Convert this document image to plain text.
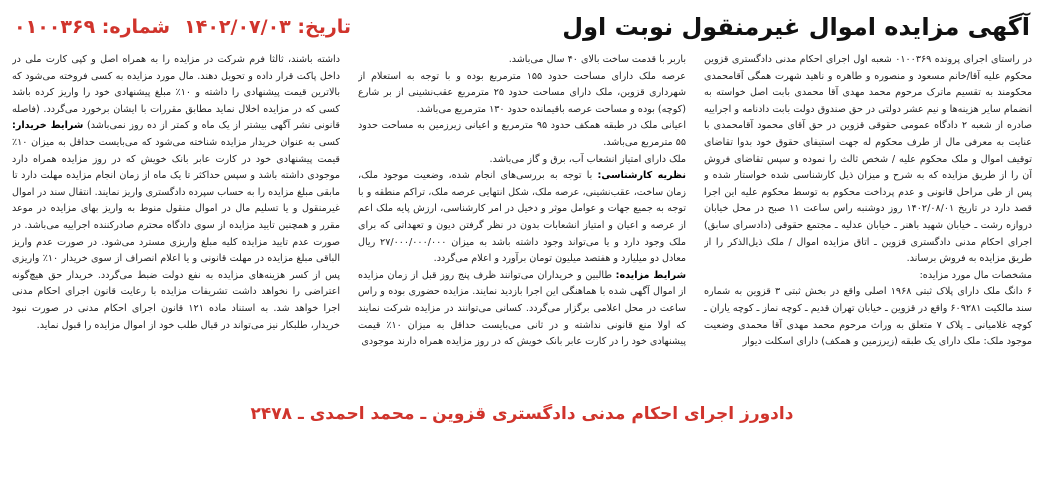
آگهی مزایده اموال غیرمنقول نوبت اول
تاریخ: ۱۴۰۲/۰۷/۰۳
شماره: ۰۱۰۰۳۶۹

در راستای اجرای پرونده ۰۱۰۰۳۶۹ شعبه اول اجرای احکام مدنی دادگستری قزوین محکوم علیه آقا/خانم مسعود و منصوره و طاهره و ناهید شهرت همگی آقامحمدی محکومند به تقسیم ماترک مرحوم محمد مهدی آقا محمدی بابت اصل خواسته به انضمام سایر هزینه‌ها و نیم عشر دولتی در حق صندوق دولت بابت دادنامه و اجراییه صادره از شعبه ۲ دادگاه عمومی حقوقی قزوین در حق آقای محمود آقامحمدی با عنایت به معرفی مال از طرف محکوم له جهت استیفای حقوق خود بدوا تقاضای توقیف اموال و ملک محکوم علیه / شخص ثالث را نموده و سپس تقاضای فروش آن را از طریق مزایده که به شرح و میزان ذیل کارشناسی شده خواستار شده و پس از طی مراحل قانونی و عدم پرداخت محکوم به توسط محکوم علیه این اجرا قصد دارد در تاریخ ۱۴۰۲/۰۸/۰۱ روز دوشنبه راس ساعت ۱۱ صبح در محل خیابان دروازه رشت ـ خیابان شهید باهنر ـ خیابان عدلیه ـ مجتمع حقوقی (دادسرای سابق) اجرای احکام مدنی دادگستری قزوین ـ اتاق مزایده اموال / ملک ذیل‌الذکر را از طریق مزایده به فروش برساند.

مشخصات مال مورد مزایده:

۶ دانگ ملک دارای پلاک ثبتی ۱۹۶۸ اصلی واقع در بخش ثبتی ۳ قزوین به شماره سند مالکیت ۶۰۹۲۸۱ واقع در قزوین ـ خیابان تهران قدیم ـ کوچه نماز ـ کوچه یاران ـ کوچه غلامیانی ـ پلاک ۷ متعلق به وراث مرحوم محمد مهدی آقا محمدی وضعیت موجود ملک: ملک دارای یک طبقه (زیرزمین و همکف) دارای اسکلت دیوار

باربر با قدمت ساخت بالای ۴۰ سال می‌باشد.

عرصه ملک دارای مساحت حدود ۱۵۵ مترمربع بوده و با توجه به استعلام از شهرداری قزوین، ملک دارای مساحت حدود ۲۵ مترمربع عقب‌نشینی از بر شارع (کوچه) بوده و مساحت عرصه باقیمانده حدود ۱۳۰ مترمربع می‌باشد.

اعیانی ملک در طبقه همکف حدود ۹۵ مترمربع و اعیانی زیرزمین به مساحت حدود ۵۵ مترمربع می‌باشد.

ملک دارای امتیاز انشعاب آب، برق و گاز می‌باشد.

نظریه کارشناسی: با توجه به بررسی‌های انجام شده، وضعیت موجود ملک، زمان ساخت، عقب‌نشینی، عرصه ملک، شکل انتهایی عرصه ملک، تراکم منطقه و با توجه به جمیع جهات و عوامل موثر و دخیل در امر کارشناسی، ارزش پایه ملک اعم از عرصه و اعیان و امتیاز انشعابات بدون در نظر گرفتن دیون و تعهداتی که برای ملک وجود دارد و یا می‌تواند وجود داشته باشد به میزان ۲۷/۰۰۰/۰۰۰/۰۰۰ ریال معادل دو میلیارد و هفتصد میلیون تومان برآورد و اعلام می‌گردد.

شرایط مزایده: طالبین و خریداران می‌توانند ظرف پنج روز قبل از زمان مزایده از اموال آگهی شده با هماهنگی این اجرا بازدید نمایند. مزایده حضوری بوده و راس ساعت در محل اعلامی برگزار می‌گردد. کسانی می‌توانند در مزایده شرکت نمایند که اولا منع قانونی نداشته و در ثانی می‌بایست حداقل به میزان ۱۰٪ قیمت پیشنهادی خود را در کارت عابر بانک خویش که در روز مزایده همراه دارند موجودی

داشته باشند، ثالثا فرم شرکت در مزایده را به همراه اصل و کپی کارت ملی در داخل پاکت قرار داده و تحویل دهند. مال مورد مزایده به کسی فروخته می‌شود که بالاترین قیمت پیشنهادی را داشته و ۱۰٪ مبلغ پیشنهادی خود را واریز کرده باشد کسی که در مزایده اخلال نماید مطابق مقررات با ایشان برخورد می‌گردد. (فاصله قانونی نشر آگهی بیشتر از یک ماه و کمتر از ده روز نمی‌باشد) شرایط خریدار: کسی به عنوان خریدار مزایده شناخته می‌شود که می‌بایست حداقل به میزان ۱۰٪ قیمت پیشنهادی خود در کارت عابر بانک خویش که در روز مزایده همراه دارد موجودی داشته باشد و سپس حداکثر تا یک ماه از زمان انجام مزایده مهلت دارد تا مابقی مبلغ مزایده را به حساب سپرده دادگستری واریز نمایند. انتقال سند در اموال غیرمنقول و یا تسلیم مال در اموال منقول منوط به واریز بهای مزایده در موعد مقرر و همچنین تایید مزایده از سوی دادگاه محترم صادرکننده اجراییه می‌باشد. در صورت عدم تایید مزایده کلیه مبلغ واریزی مسترد می‌شود. در صورت عدم واریز الباقی مبلغ مزایده در مهلت قانونی و یا اعلام انصراف از سوی خریدار ۱۰٪ واریزی پس از کسر هزینه‌های مزایده به نفع دولت ضبط می‌گردد. خریدار حق هیچ‌گونه اعتراضی را نخواهد داشت تشریفات مزایده با رعایت قانون اجرای احکام مدنی اجرا خواهد شد. به استناد ماده ۱۲۱ قانون اجرای احکام مدنی در صورت نبود خریدار، طلبکار نیز می‌تواند در قبال طلب خود از اموال مزایده را قبول نماید.

دادورز اجرای احکام مدنی دادگستری قزوین ـ محمد احمدی ـ ۲۴۷۸
